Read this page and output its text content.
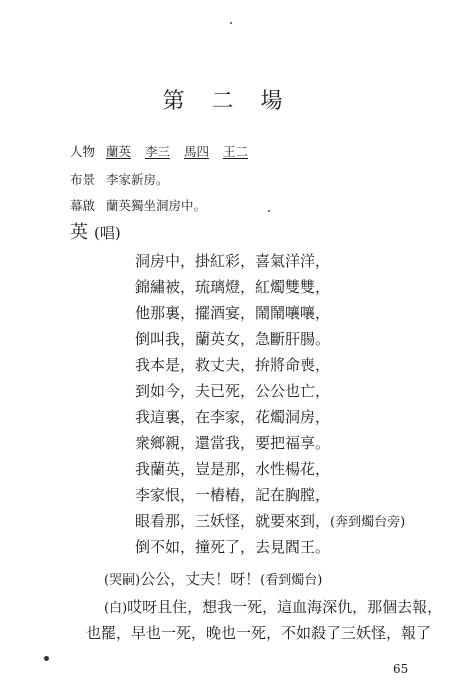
第 二 場
人物 蘭英 李三 馬四 王二
布景 李家新房。
幕啟 蘭英獨坐洞房中。
英 (唱)
洞房中，掛紅彩，喜氣洋洋，
錦繡被，琉璃燈，紅燭雙雙，
他那裏，擺酒宴，鬧鬧嚷嚷，
倒叫我，蘭英女，急斷肝腸。
我本是，救丈夫，拚將命喪，
到如今，夫已死，公公也亡，
我這裏，在李家，花燭洞房，
衆鄉親，還當我，要把福享。
我蘭英，豈是那，水性楊花，
李家恨，一樁樁，記在胸膛，
眼看那，三妖怪，就要來到，(奔到燭台旁)
倒不如，撞死了，去見閻王。
(哭嗣)公公，丈夫！呀！(看到燭台)
(白)哎呀且住，想我一死，這血海深仇，那個去報，
也罷，早也一死，晚也一死，不如殺了三妖怪，報了
65
